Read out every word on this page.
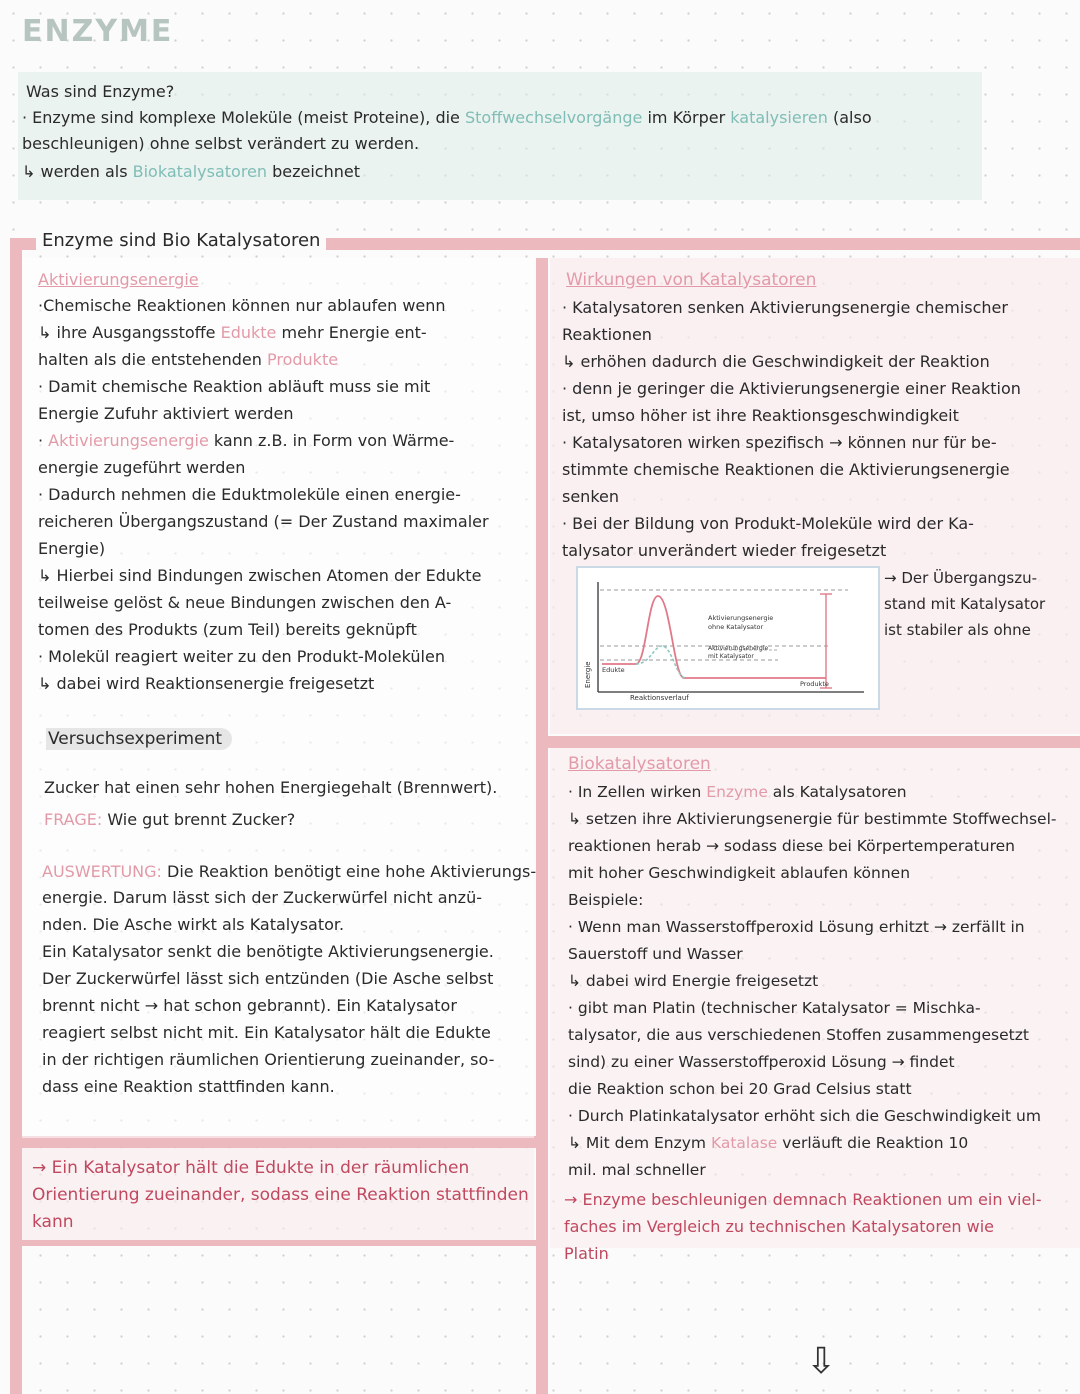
ENZYME
Was sind Enzyme?
· Enzyme sind komplexe Moleküle (meist Proteine), die Stoffwechselvorgänge im Körper katalysieren (also
beschleunigen) ohne selbst verändert zu werden.
↳ werden als Biokatalysatoren bezeichnet
Enzyme sind Bio Katalysatoren
Aktivierungsenergie
·Chemische Reaktionen können nur ablaufen wenn
↳ ihre Ausgangsstoffe Edukte mehr Energie ent-
halten als die entstehenden Produkte
· Damit chemische Reaktion abläuft muss sie mit
Energie Zufuhr aktiviert werden
· Aktivierungsenergie kann z.B. in Form von Wärme-
energie zugeführt werden
· Dadurch nehmen die Eduktmoleküle einen energie-
reicheren Übergangszustand (= Der Zustand maximaler
Energie)
↳ Hierbei sind Bindungen zwischen Atomen der Edukte
teilweise gelöst & neue Bindungen zwischen den A-
tomen des Produkts (zum Teil) bereits geknüpft
· Molekül reagiert weiter zu den Produkt-Molekülen
↳ dabei wird Reaktionsenergie freigesetzt
Versuchsexperiment
Zucker hat einen sehr hohen Energiegehalt (Brennwert).
FRAGE: Wie gut brennt Zucker?
AUSWERTUNG: Die Reaktion benötigt eine hohe Aktivierungs-
energie. Darum lässt sich der Zuckerwürfel nicht anzü-
nden. Die Asche wirkt als Katalysator.
Ein Katalysator senkt die benötigte Aktivierungsenergie.
Der Zuckerwürfel lässt sich entzünden (Die Asche selbst
brennt nicht → hat schon gebrannt). Ein Katalysator
reagiert selbst nicht mit. Ein Katalysator hält die Edukte
in der richtigen räumlichen Orientierung zueinander, so-
dass eine Reaktion stattfinden kann.
→ Ein Katalysator hält die Edukte in der räumlichen
Orientierung zueinander, sodass eine Reaktion stattfinden
kann
Wirkungen von Katalysatoren
· Katalysatoren senken Aktivierungsenergie chemischer
Reaktionen
↳ erhöhen dadurch die Geschwindigkeit der Reaktion
· denn je geringer die Aktivierungsenergie einer Reaktion
ist, umso höher ist ihre Reaktionsgeschwindigkeit
· Katalysatoren wirken spezifisch → können nur für be-
stimmte chemische Reaktionen die Aktivierungsenergie
senken
· Bei der Bildung von Produkt-Moleküle wird der Ka-
talysator unverändert wieder freigesetzt
Energie
Reaktionsverlauf
Edukte
Produkte
Aktivierungsenergie
ohne Katalysator
Aktivierungsenergie
mit Katalysator
→ Der Übergangszu-
stand mit Katalysator
ist stabiler als ohne
Biokatalysatoren
· In Zellen wirken Enzyme als Katalysatoren
↳ setzen ihre Aktivierungsenergie für bestimmte Stoffwechsel-
reaktionen herab → sodass diese bei Körpertemperaturen
mit hoher Geschwindigkeit ablaufen können
Beispiele:
· Wenn man Wasserstoffperoxid Lösung erhitzt → zerfällt in
Sauerstoff und Wasser
↳ dabei wird Energie freigesetzt
· gibt man Platin (technischer Katalysator = Mischka-
talysator, die aus verschiedenen Stoffen zusammengesetzt
sind) zu einer Wasserstoffperoxid Lösung → findet
die Reaktion schon bei 20 Grad Celsius statt
· Durch Platinkatalysator erhöht sich die Geschwindigkeit um
↳ Mit dem Enzym Katalase verläuft die Reaktion 10
mil. mal schneller
→ Enzyme beschleunigen demnach Reaktionen um ein viel-
faches im Vergleich zu technischen Katalysatoren wie
Platin
⇩
